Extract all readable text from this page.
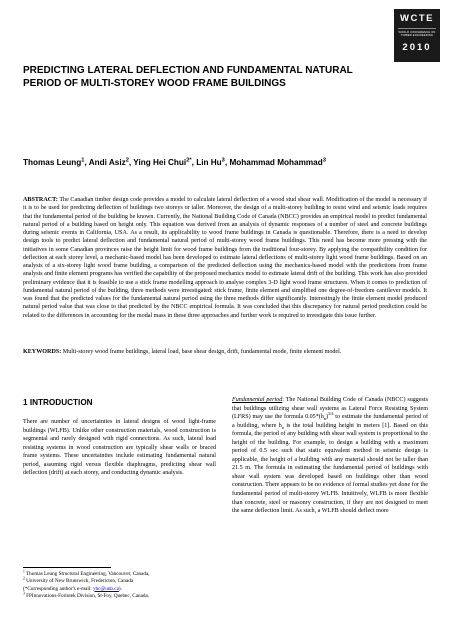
WCTE
WORLD CONFERENCE ON
TIMBER ENGINEERING
2010
PREDICTING LATERAL DEFLECTION AND FUNDAMENTAL NATURAL PERIOD OF MULTI-STOREY WOOD FRAME BUILDINGS
Thomas Leung$^1$, Andi Asiz$^2$, Ying Hei Chui$^{2*}$, Lin Hu$^3$, Mohammad Mohammad$^3$

ABSTRACT: The Canadian timber design code provides a model to calculate lateral deflection of a wood stud shear wall. Modification of the model is necessary if it is to be used for predicting deflection of buildings two storeys or taller. Moreover, the design of a multi-storey building to resist wind and seismic loads requires that the fundamental period of the building be known. Currently, the National Building Code of Canada (NBCC) provides an empirical model to predict fundamental natural period of a building based on height only. This equation was derived from an analysis of dynamic responses of a number of steel and concrete buildings during seismic events in California, USA. As a result, its applicability to wood frame buildings in Canada is questionable. Therefore, there is a need to develop design tools to predict lateral deflection and fundamental natural period of multi-storey wood frame buildings. This need has become more pressing with the initiatives in some Canadian provinces raise the height limit for wood frame buildings from the traditional four-storey. By applying the compatibility condition for deflection at each storey level, a mechanic-based model has been developed to estimate lateral deflections of multi-storey light wood frame buildings. Based on an analysis of a six-storey light wood frame building, a comparison of the predicted deflection using the mechanics-based model with the predictions from frame analysis and finite element programs has verified the capability of the proposed mechanics model to estimate lateral drift of the building. This work has also provided preliminary evidence that it is feasible to use a stick frame modelling approach to analyse complex 3-D light wood frame structures. When it comes to prediction of fundamental natural period of the building, three methods were investigated: stick frame, finite element and simplified one degree-of-freedom cantilever models. It was found that the predicted values for the fundamental natural period using the three methods differ significantly. Interestingly the finite element model produced natural period value that was close to that predicted by the NBCC empirical formula. It was concluded that this discrepancy for natural period prediction could be related to the differences in accounting for the modal mass in these three approaches and further work is required to investigate this issue further.

KEYWORDS: Multi-storey wood frame buildings, lateral load, base shear design, drift, fundamental mode, finite element model.

1 INTRODUCTION

There are number of uncertainties in lateral designs of wood light-frame buildings (WLFB). Unlike other construction materials, wood construction is segmental and rarely designed with rigid connections. As such, lateral load resisting systems in wood construction are typically shear walls or braced frame systems. These uncertainties include estimating fundamental natural period, assuming rigid versus flexible diaphragms, predicting shear wall deflection (drift) at each storey, and conducting dynamic analysis.

$^1$ Thomas Leung Structural Engineering, Vancouver, Canada,
$^2$ University of New Brunswick, Fredericton, Canada
(*Corresponding author's e-mail: yhc@unb.ca).
$^3$ FPInnovations-Forintek Division, St-Foy, Quebec, Canada.

Fundamental period: The National Building Code of Canada (NBCC) suggests that buildings utilizing shear wall systems as Lateral Force Resisting System (LFRS) may use the formula $0.05*(h_n)^{3/4}$ to estimate the fundamental period of a building, where $h_n$ is the total building height in meters [1]. Based on this formula, the period of any building with shear wall system is proportional to the height of the building. For example, to design a building with a maximum period of 0.5 sec such that static equivalent method in seismic design is applicable, the height of a building with any material should not be taller than 21.5 m. The formula in estimating the fundamental period of buildings with shear wall system was developed based on buildings other than wood construction. There appears to be no evidence of formal studies yet done for the fundamental period of multi-storey WLFB. Intuitively, WLFB is more flexible than concrete, steel or masonry construction, if they are not designed to meet the same deflection limit. As such, a WLFB should deflect more
